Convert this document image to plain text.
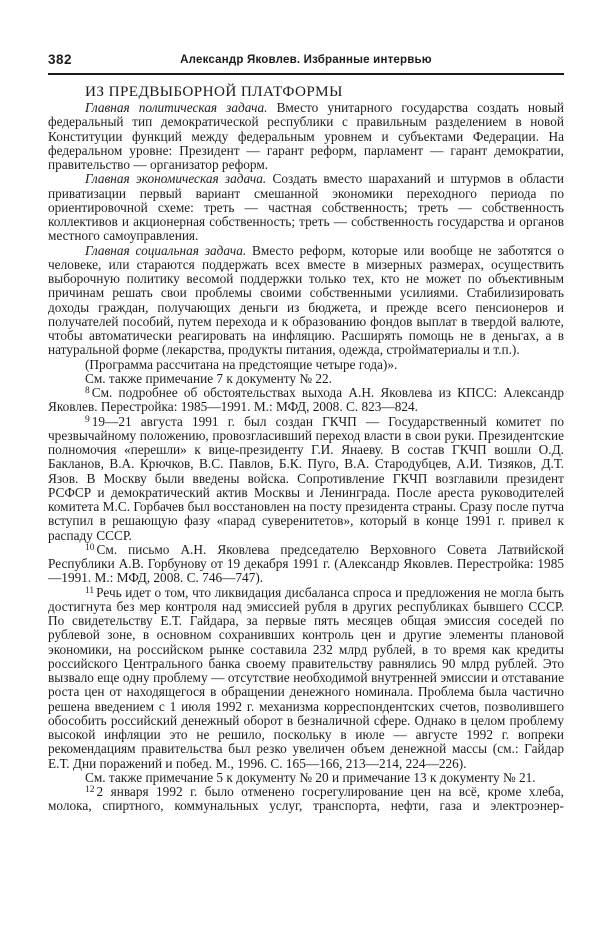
382	Александр Яковлев. Избранные интервью

ИЗ ПРЕДВЫБОРНОЙ ПЛАТФОРМЫ

Главная политическая задача. Вместо унитарного государства создать новый федеральный тип демократической республики с правильным разделением в новой Конституции функций между федеральным уровнем и субъектами Федерации. На федеральном уровне: Президент — гарант реформ, парламент — гарант демократии, правительство — организатор реформ.

Главная экономическая задача. Создать вместо шараханий и штурмов в области приватизации первый вариант смешанной экономики переходного периода по ориентировочной схеме: треть — частная собственность; треть — собственность коллективов и акционерная собственность; треть — собственность государства и органов местного самоуправления.

Главная социальная задача. Вместо реформ, которые или вообще не заботятся о человеке, или стараются поддержать всех вместе в мизерных размерах, осуществить выборочную политику весомой поддержки только тех, кто не может по объективным причинам решать свои проблемы своими собственными усилиями. Стабилизировать доходы граждан, получающих деньги из бюджета, и прежде всего пенсионеров и получателей пособий, путем перехода и к образованию фондов выплат в твердой валюте, чтобы автоматически реагировать на инфляцию. Расширять помощь не в деньгах, а в натуральной форме (лекарства, продукты питания, одежда, стройматериалы и т.п.).

(Программа рассчитана на предстоящие четыре года)».

См. также примечание 7 к документу № 22.

$^8$ См. подробнее об обстоятельствах выхода А.Н. Яковлева из КПСС: Александр Яковлев. Перестройка: 1985—1991. М.: МФД, 2008. С. 823—824.

$^9$ 19—21 августа 1991 г. был создан ГКЧП — Государственный комитет по чрезвычайному положению, провозгласивший переход власти в свои руки. Президентские полномочия «перешли» к вице-президенту Г.И. Янаеву. В состав ГКЧП вошли О.Д. Бакланов, В.А. Крючков, В.С. Павлов, Б.К. Пуго, В.А. Стародубцев, А.И. Тизяков, Д.Т. Язов. В Москву были введены войска. Сопротивление ГКЧП возглавили президент РСФСР и демократический актив Москвы и Ленинграда. После ареста руководителей комитета М.С. Горбачев был восстановлен на посту президента страны. Сразу после путча вступил в решающую фазу «парад суверенитетов», который в конце 1991 г. привел к распаду СССР.

$^{10}$ См. письмо А.Н. Яковлева председателю Верховного Совета Латвийской Республики А.В. Горбунову от 19 декабря 1991 г. (Александр Яковлев. Перестройка: 1985—1991. М.: МФД, 2008. С. 746—747).

$^{11}$ Речь идет о том, что ликвидация дисбаланса спроса и предложения не могла быть достигнута без мер контроля над эмиссией рубля в других республиках бывшего СССР. По свидетельству Е.Т. Гайдара, за первые пять месяцев общая эмиссия соседей по рублевой зоне, в основном сохранивших контроль цен и другие элементы плановой экономики, на российском рынке составила 232 млрд рублей, в то время как кредиты российского Центрального банка своему правительству равнялись 90 млрд рублей. Это вызвало еще одну проблему — отсутствие необходимой внутренней эмиссии и отставание роста цен от находящегося в обращении денежного номинала. Проблема была частично решена введением с 1 июля 1992 г. механизма корреспондентских счетов, позволившего обособить российский денежный оборот в безналичной сфере. Однако в целом проблему высокой инфляции это не решило, поскольку в июле — августе 1992 г. вопреки рекомендациям правительства был резко увеличен объем денежной массы (см.: Гайдар Е.Т. Дни поражений и побед. М., 1996. С. 165—166, 213—214, 224—226).

См. также примечание 5 к документу № 20 и примечание 13 к документу № 21.

$^{12}$ 2 января 1992 г. было отменено госрегулирование цен на всё, кроме хлеба, молока, спиртного, коммунальных услуг, транспорта, нефти, газа и электроэнер-
